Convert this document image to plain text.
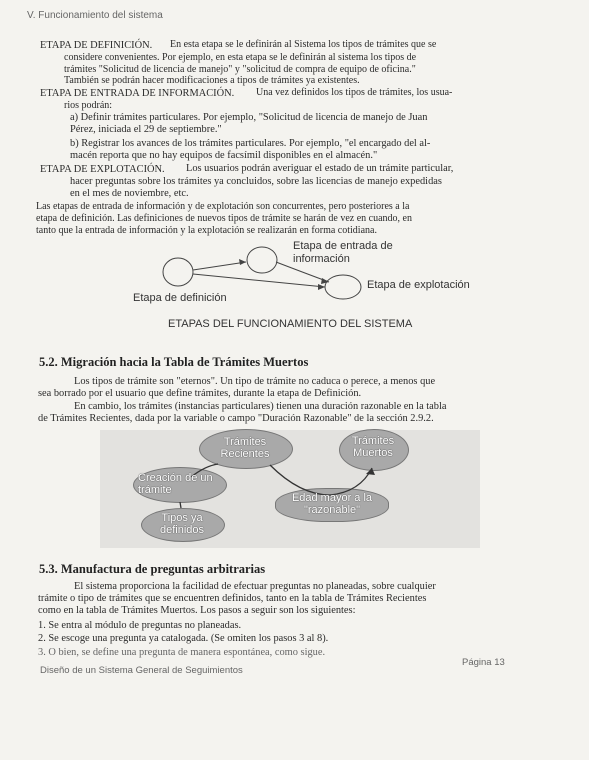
V. Funcionamiento del sistema
ETAPA DE DEFINICIÓN. En esta etapa se le definirán al Sistema los tipos de trámites que se
considere convenientes. Por ejemplo, en esta etapa se le definirán al sistema los tipos de
trámites "Solicitud de licencia de manejo" y "solicitud de compra de equipo de oficina."
También se podrán hacer modificaciones a tipos de trámites ya existentes.
ETAPA DE ENTRADA DE INFORMACIÓN. Una vez definidos los tipos de trámites, los usua-
rios podrán:
a) Definir trámites particulares. Por ejemplo, "Solicitud de licencia de manejo de Juan
Pérez, iniciada el 29 de septiembre."
b) Registrar los avances de los trámites particulares. Por ejemplo, "el encargado del al-
macén reporta que no hay equipos de facsímil disponibles en el almacén."
ETAPA DE EXPLOTACIÓN. Los usuarios podrán averiguar el estado de un trámite particular,
hacer preguntas sobre los trámites ya concluidos, sobre las licencias de manejo expedidas
en el mes de noviembre, etc.
Las etapas de entrada de información y de explotación son concurrentes, pero posteriores a la
etapa de definición. Las definiciones de nuevos tipos de trámite se harán de vez en cuando, en
tanto que la entrada de información y la explotación se realizarán en forma cotidiana.
Etapa de entrada de
información
Etapa de explotación
Etapa de definición
ETAPAS DEL FUNCIONAMIENTO DEL SISTEMA
5.2. Migración hacia la Tabla de Trámites Muertos
Los tipos de trámite son "eternos". Un tipo de trámite no caduca o perece, a menos que
sea borrado por el usuario que define trámites, durante la etapa de Definición.
En cambio, los trámites (instancias particulares) tienen una duración razonable en la tabla
de Trámites Recientes, dada por la variable o campo "Duración Razonable" de la sección 2.9.2.
Trámites
Recientes
Trámites
Muertos
Creación de un
trámite
Tipos ya
definidos
Edad mayor a la
"razonable"
5.3. Manufactura de preguntas arbitrarias
El sistema proporciona la facilidad de efectuar preguntas no planeadas, sobre cualquier
trámite o tipo de trámites que se encuentren definidos, tanto en la tabla de Trámites Recientes
como en la tabla de Trámites Muertos. Los pasos a seguir son los siguientes:
1. Se entra al módulo de preguntas no planeadas.
2. Se escoge una pregunta ya catalogada. (Se omiten los pasos 3 al 8).
3. O bien, se define una pregunta de manera espontánea, como sigue.
Diseño de un Sistema General de Seguimientos
Página 13
